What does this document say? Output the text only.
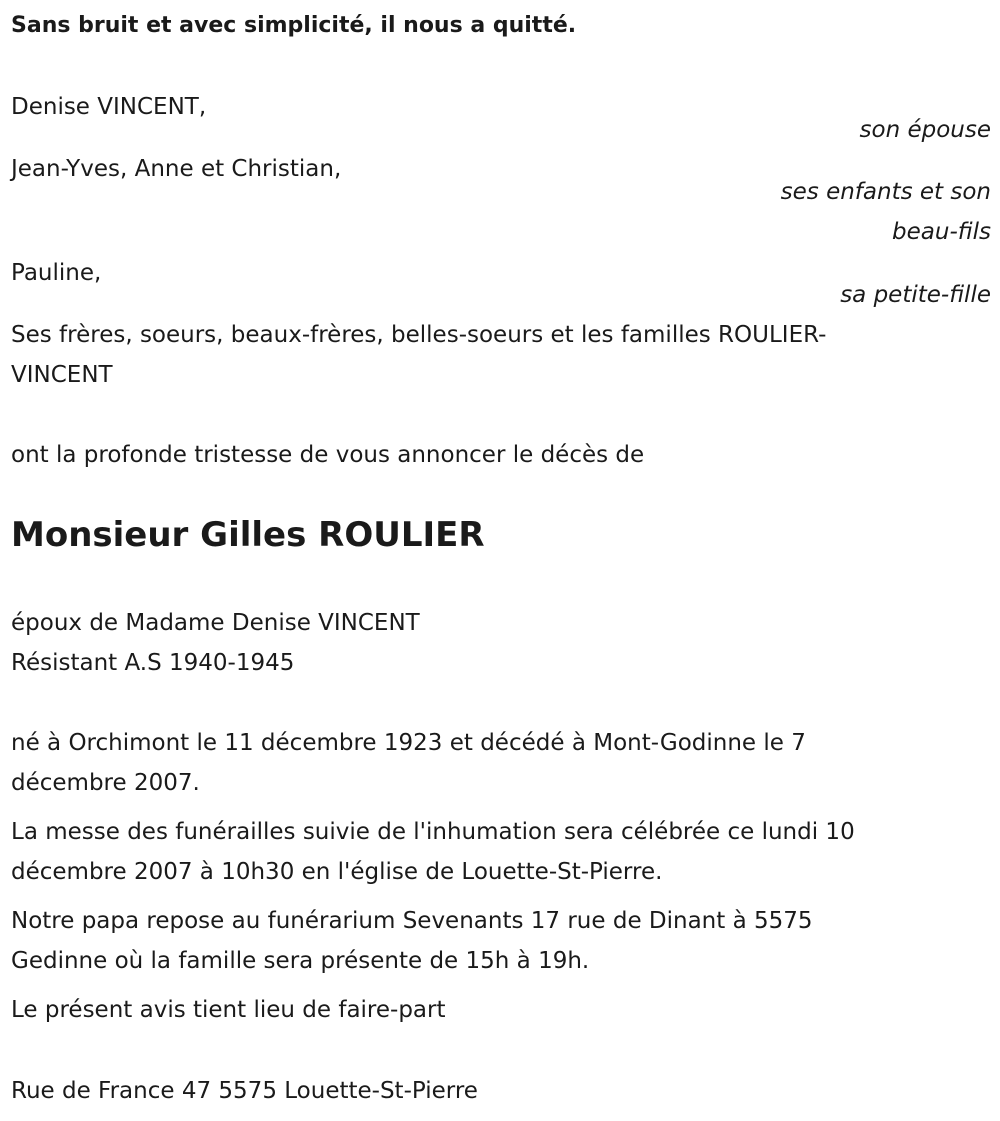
Sans bruit et avec simplicité, il nous a quitté.
Denise VINCENT,
son épouse
Jean-Yves, Anne et Christian,
ses enfants et son
beau-fils
Pauline,
sa petite-fille
Ses frères, soeurs, beaux-frères, belles-soeurs et les familles ROULIER-
VINCENT
ont la profonde tristesse de vous annoncer le décès de
Monsieur Gilles ROULIER
époux de Madame Denise VINCENT
Résistant A.S 1940-1945
né à Orchimont le 11 décembre 1923 et décédé à Mont-Godinne le 7
décembre 2007.
La messe des funérailles suivie de l'inhumation sera célébrée ce lundi 10
décembre 2007 à 10h30 en l'église de Louette-St-Pierre.
Notre papa repose au funérarium Sevenants 17 rue de Dinant à 5575
Gedinne où la famille sera présente de 15h à 19h.
Le présent avis tient lieu de faire-part
Rue de France 47 5575 Louette-St-Pierre
